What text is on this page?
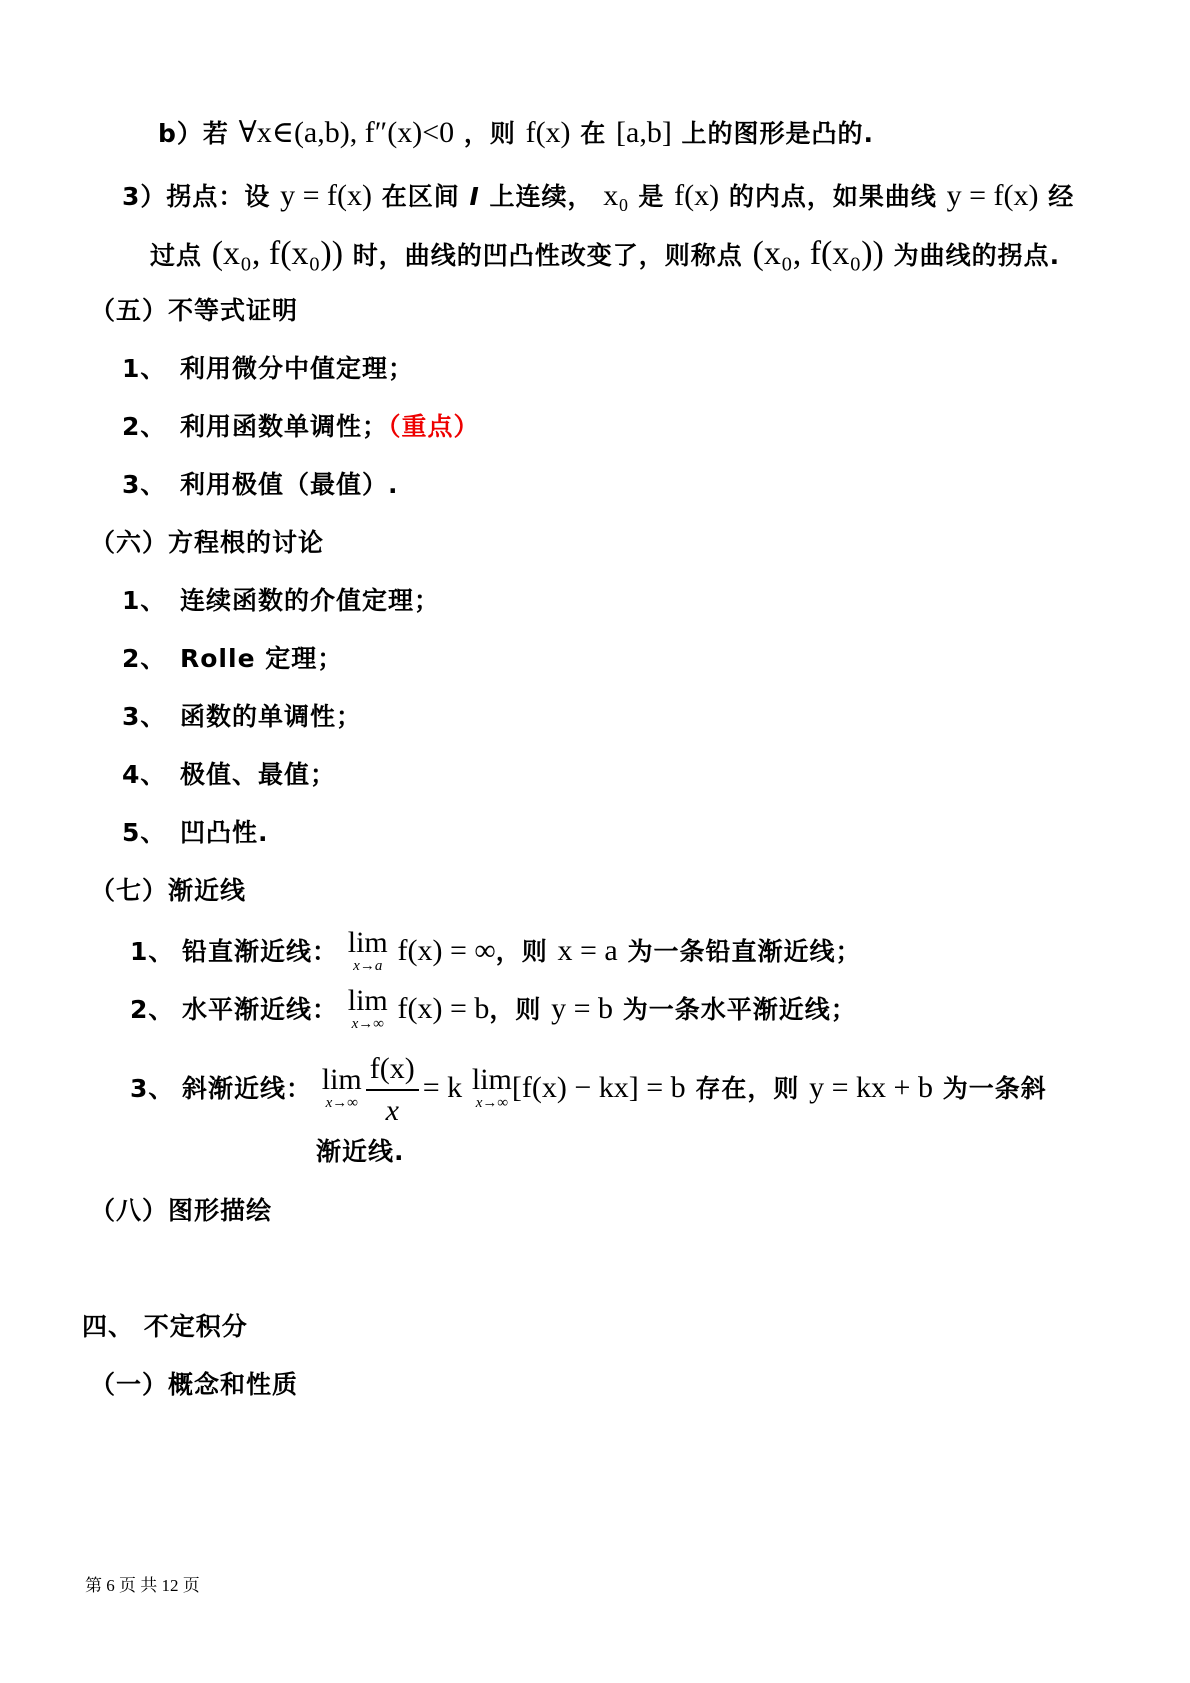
b）若 ∀x∈(a,b), f″(x)<0 ，则 f(x) 在 [a,b] 上的图形是凸的.
3）拐点：设 y = f(x) 在区间 I 上连续， x₀ 是 f(x) 的内点，如果曲线 y = f(x) 经
过点 (x₀, f(x₀)) 时，曲线的凹凸性改变了，则称点 (x₀, f(x₀)) 为曲线的拐点.
（五）不等式证明
1、 利用微分中值定理；
2、 利用函数单调性；（重点）
3、 利用极值（最值）.
（六）方程根的讨论
1、 连续函数的介值定理；
2、 Rolle 定理；
3、 函数的单调性；
4、 极值、最值；
5、 凹凸性.
（七）渐近线
1、 铅直渐近线： lim
x→a f(x) = ∞，则 x = a 为一条铅直渐近线；
2、 水平渐近线： lim
x→∞ f(x) = b，则 y = b 为一条水平渐近线；
3、 斜渐近线： lim
$x\to\infty \frac{f(x)}{x} = k$ lim
x→∞ [f(x) − kx] = b 存在，则 y = kx + b 为一条斜
渐近线.
（八）图形描绘
四、 不定积分
（一）概念和性质
第 6 页 共 12 页
